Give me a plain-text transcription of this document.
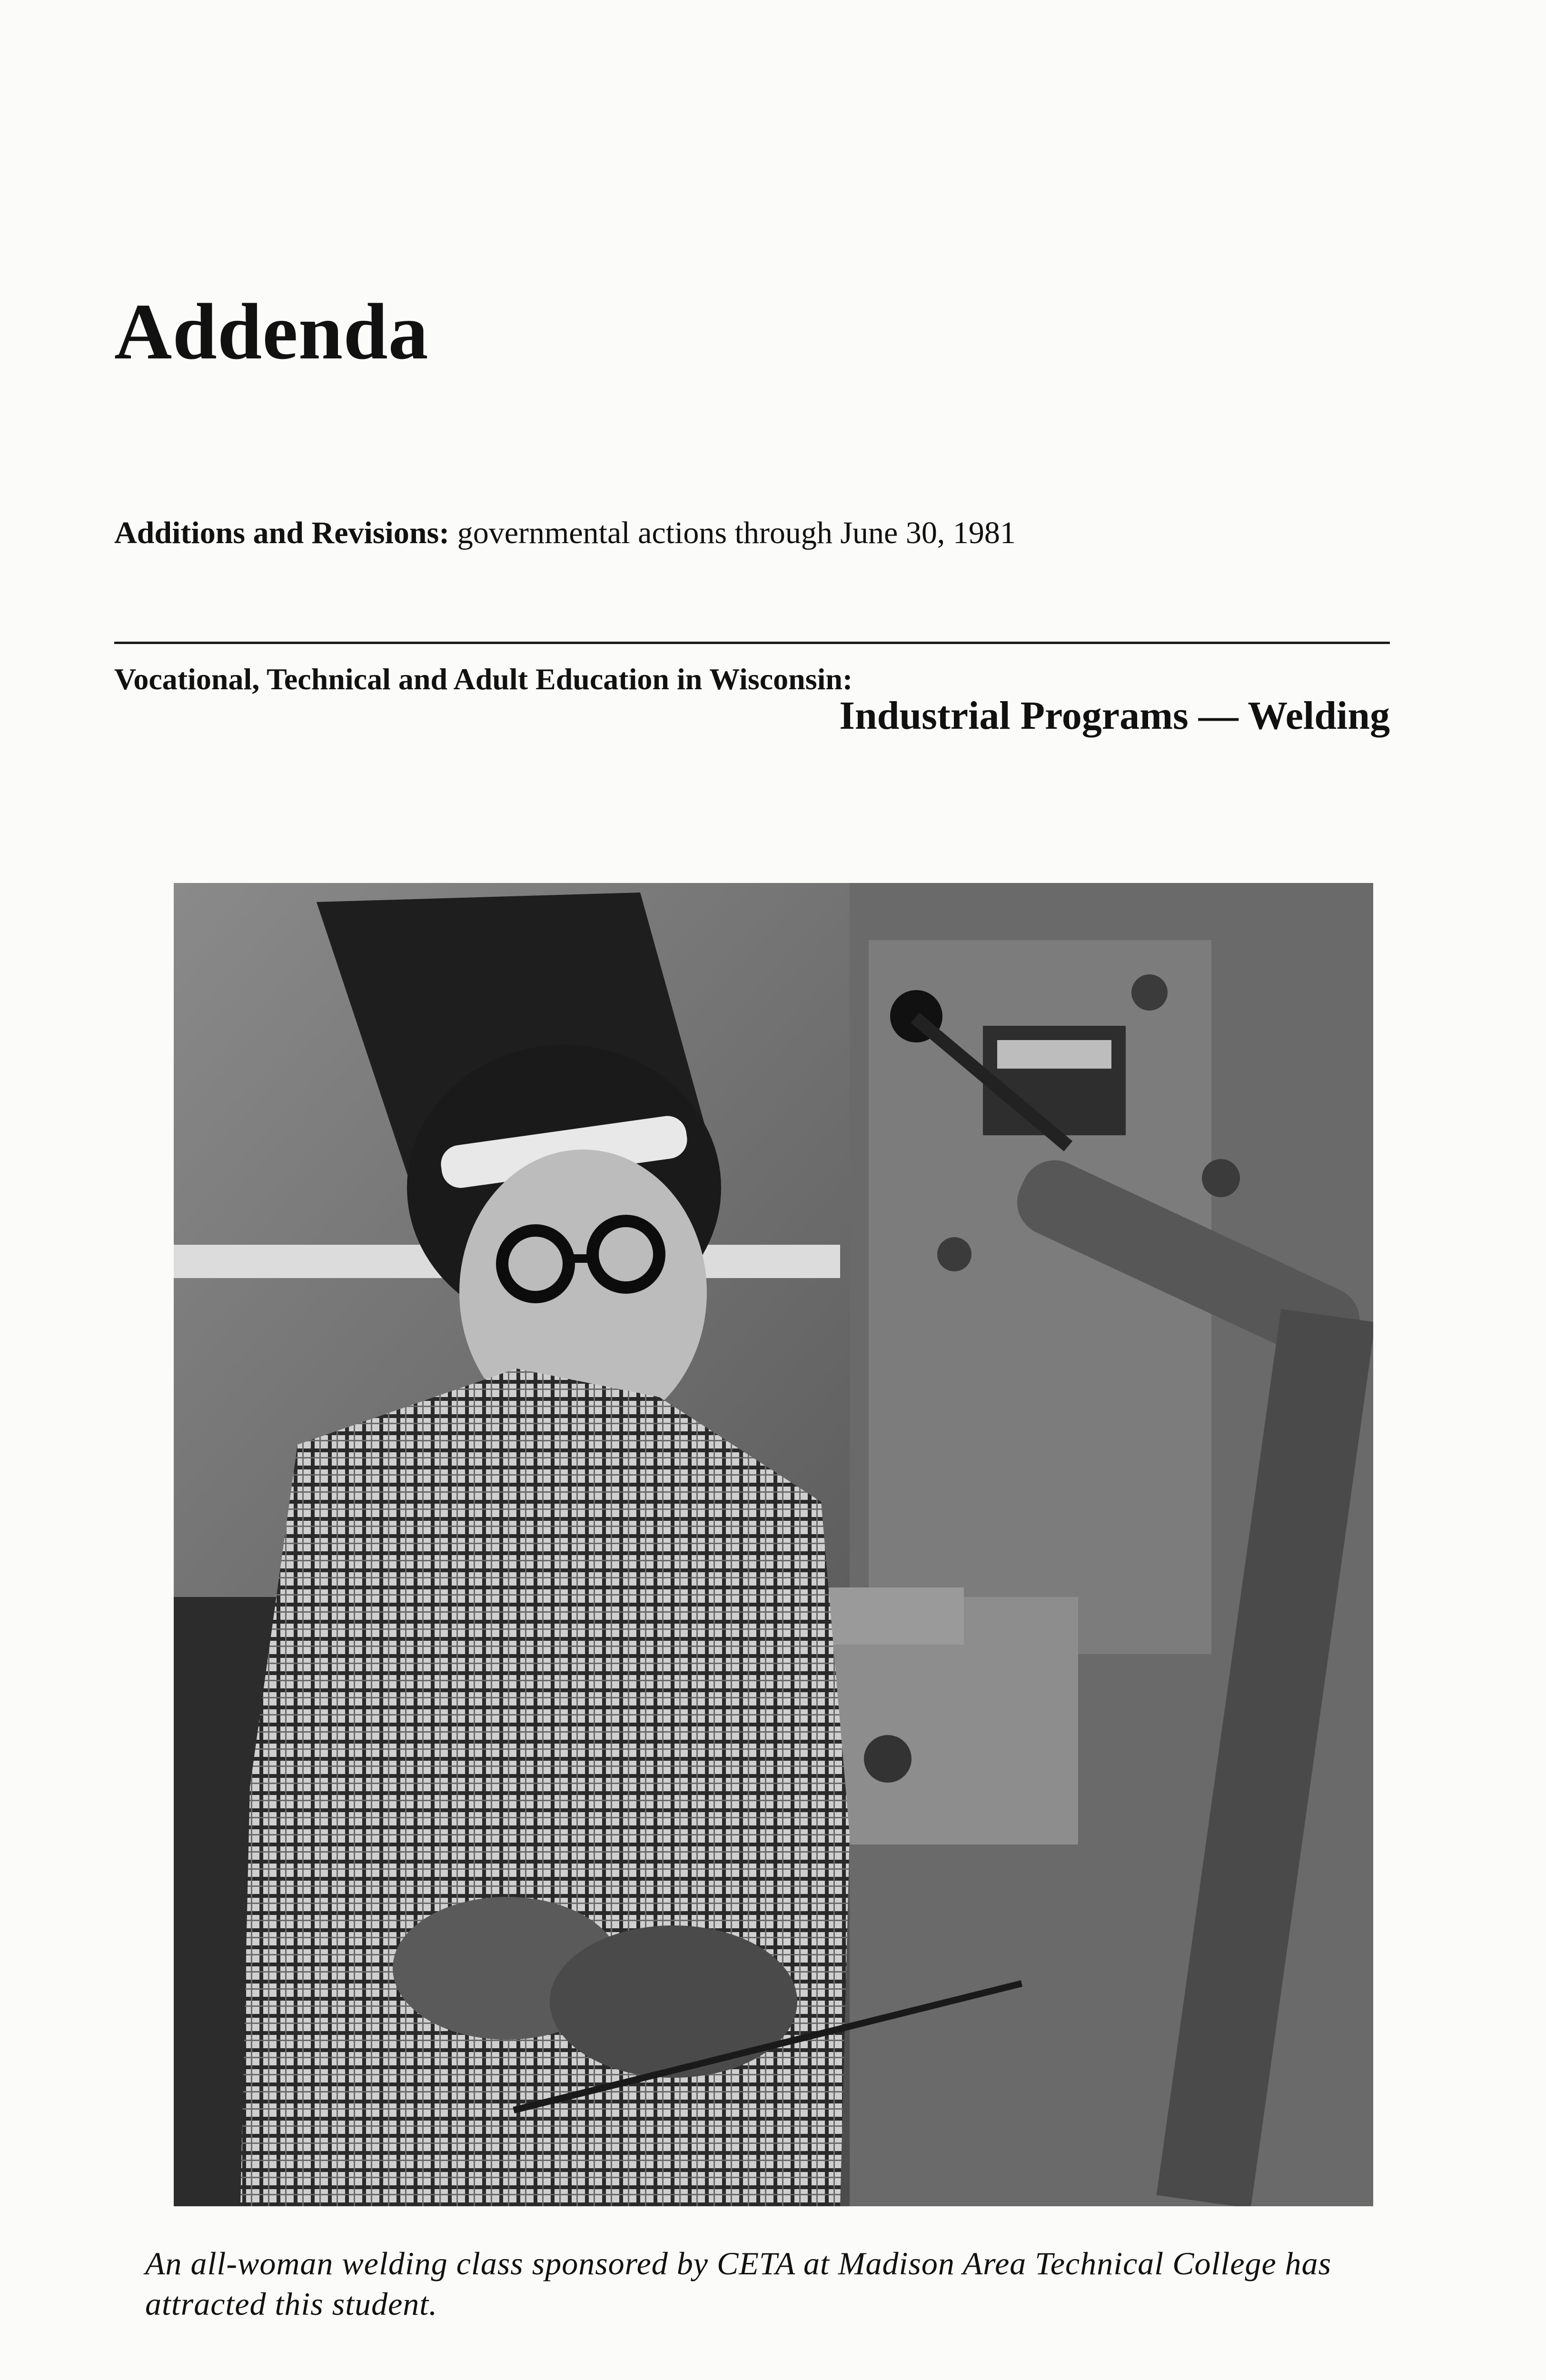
Addenda
Additions and Revisions: governmental actions through June 30, 1981
Vocational, Technical and Adult Education in Wisconsin:
Industrial Programs — Welding

An all-woman welding class sponsored by CETA at Madison Area Technical College has attracted this student.
